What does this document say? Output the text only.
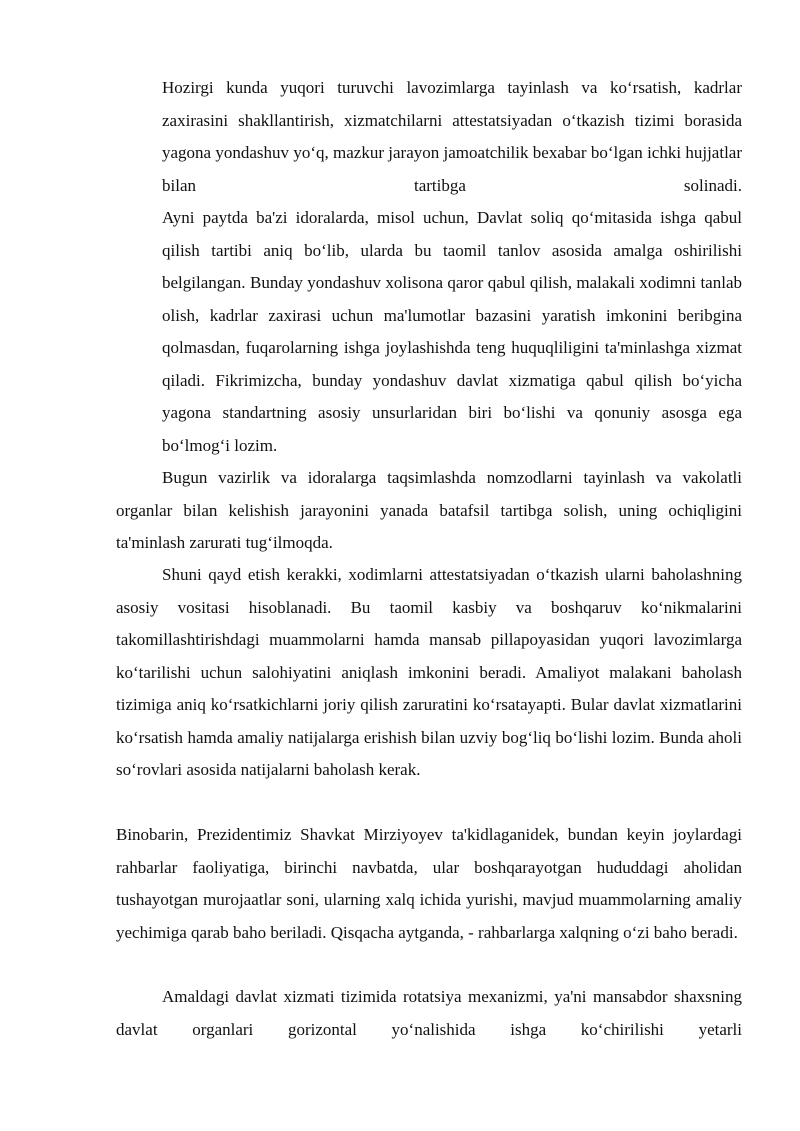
Hozirgi kunda yuqori turuvchi lavozimlarga tayinlash va ko‘rsatish, kadrlar zaxirasini shakllantirish, xizmatchilarni attestatsiyadan o‘tkazish tizimi borasida yagona yondashuv yo‘q, mazkur jarayon jamoatchilik bexabar bo‘lgan ichki hujjatlar bilan tartibga solinadi.

Ayni paytda ba'zi idoralarda, misol uchun, Davlat soliq qo‘mitasida ishga qabul qilish tartibi aniq bo‘lib, ularda bu taomil tanlov asosida amalga oshirilishi belgilangan. Bunday yondashuv xolisona qaror qabul qilish, malakali xodimni tanlab olish, kadrlar zaxirasi uchun ma'lumotlar bazasini yaratish imkonini beribgina qolmasdan, fuqarolarning ishga joylashishda teng huquqliligini ta'minlashga xizmat qiladi. Fikrimizcha, bunday yondashuv davlat xizmatiga qabul qilish bo‘yicha yagona standartning asosiy unsurlaridan biri bo‘lishi va qonuniy asosga ega bo‘lmog‘i lozim.

Bugun vazirlik va idoralarga taqsimlashda nomzodlarni tayinlash va vakolatli organlar bilan kelishish jarayonini yanada batafsil tartibga solish, uning ochiqligini ta'minlash zarurati tug‘ilmoqda.

Shuni qayd etish kerakki, xodimlarni attestatsiyadan o‘tkazish ularni baholashning asosiy vositasi hisoblanadi. Bu taomil kasbiy va boshqaruv ko‘nikmalarini takomillashtirishdagi muammolarni hamda mansab pillapoyasidan yuqori lavozimlarga ko‘tarilishi uchun salohiyatini aniqlash imkonini beradi. Amaliyot malakani baholash tizimiga aniq ko‘rsatkichlarni joriy qilish zaruratini ko‘rsatayapti. Bular davlat xizmatlarini ko‘rsatish hamda amaliy natijalarga erishish bilan uzviy bog‘liq bo‘lishi lozim. Bunda aholi so‘rovlari asosida natijalarni baholash kerak.

Binobarin, Prezidentimiz Shavkat Mirziyoyev ta'kidlaganidek, bundan keyin joylardagi rahbarlar faoliyatiga, birinchi navbatda, ular boshqarayotgan hududdagi aholidan tushayotgan murojaatlar soni, ularning xalq ichida yurishi, mavjud muammolarning amaliy yechimiga qarab baho beriladi. Qisqacha aytganda, - rahbarlarga xalqning o‘zi baho beradi.

Amaldagi davlat xizmati tizimida rotatsiya mexanizmi, ya'ni mansabdor shaxsning davlat organlari gorizontal yo‘nalishida ishga ko‘chirilishi yetarli
